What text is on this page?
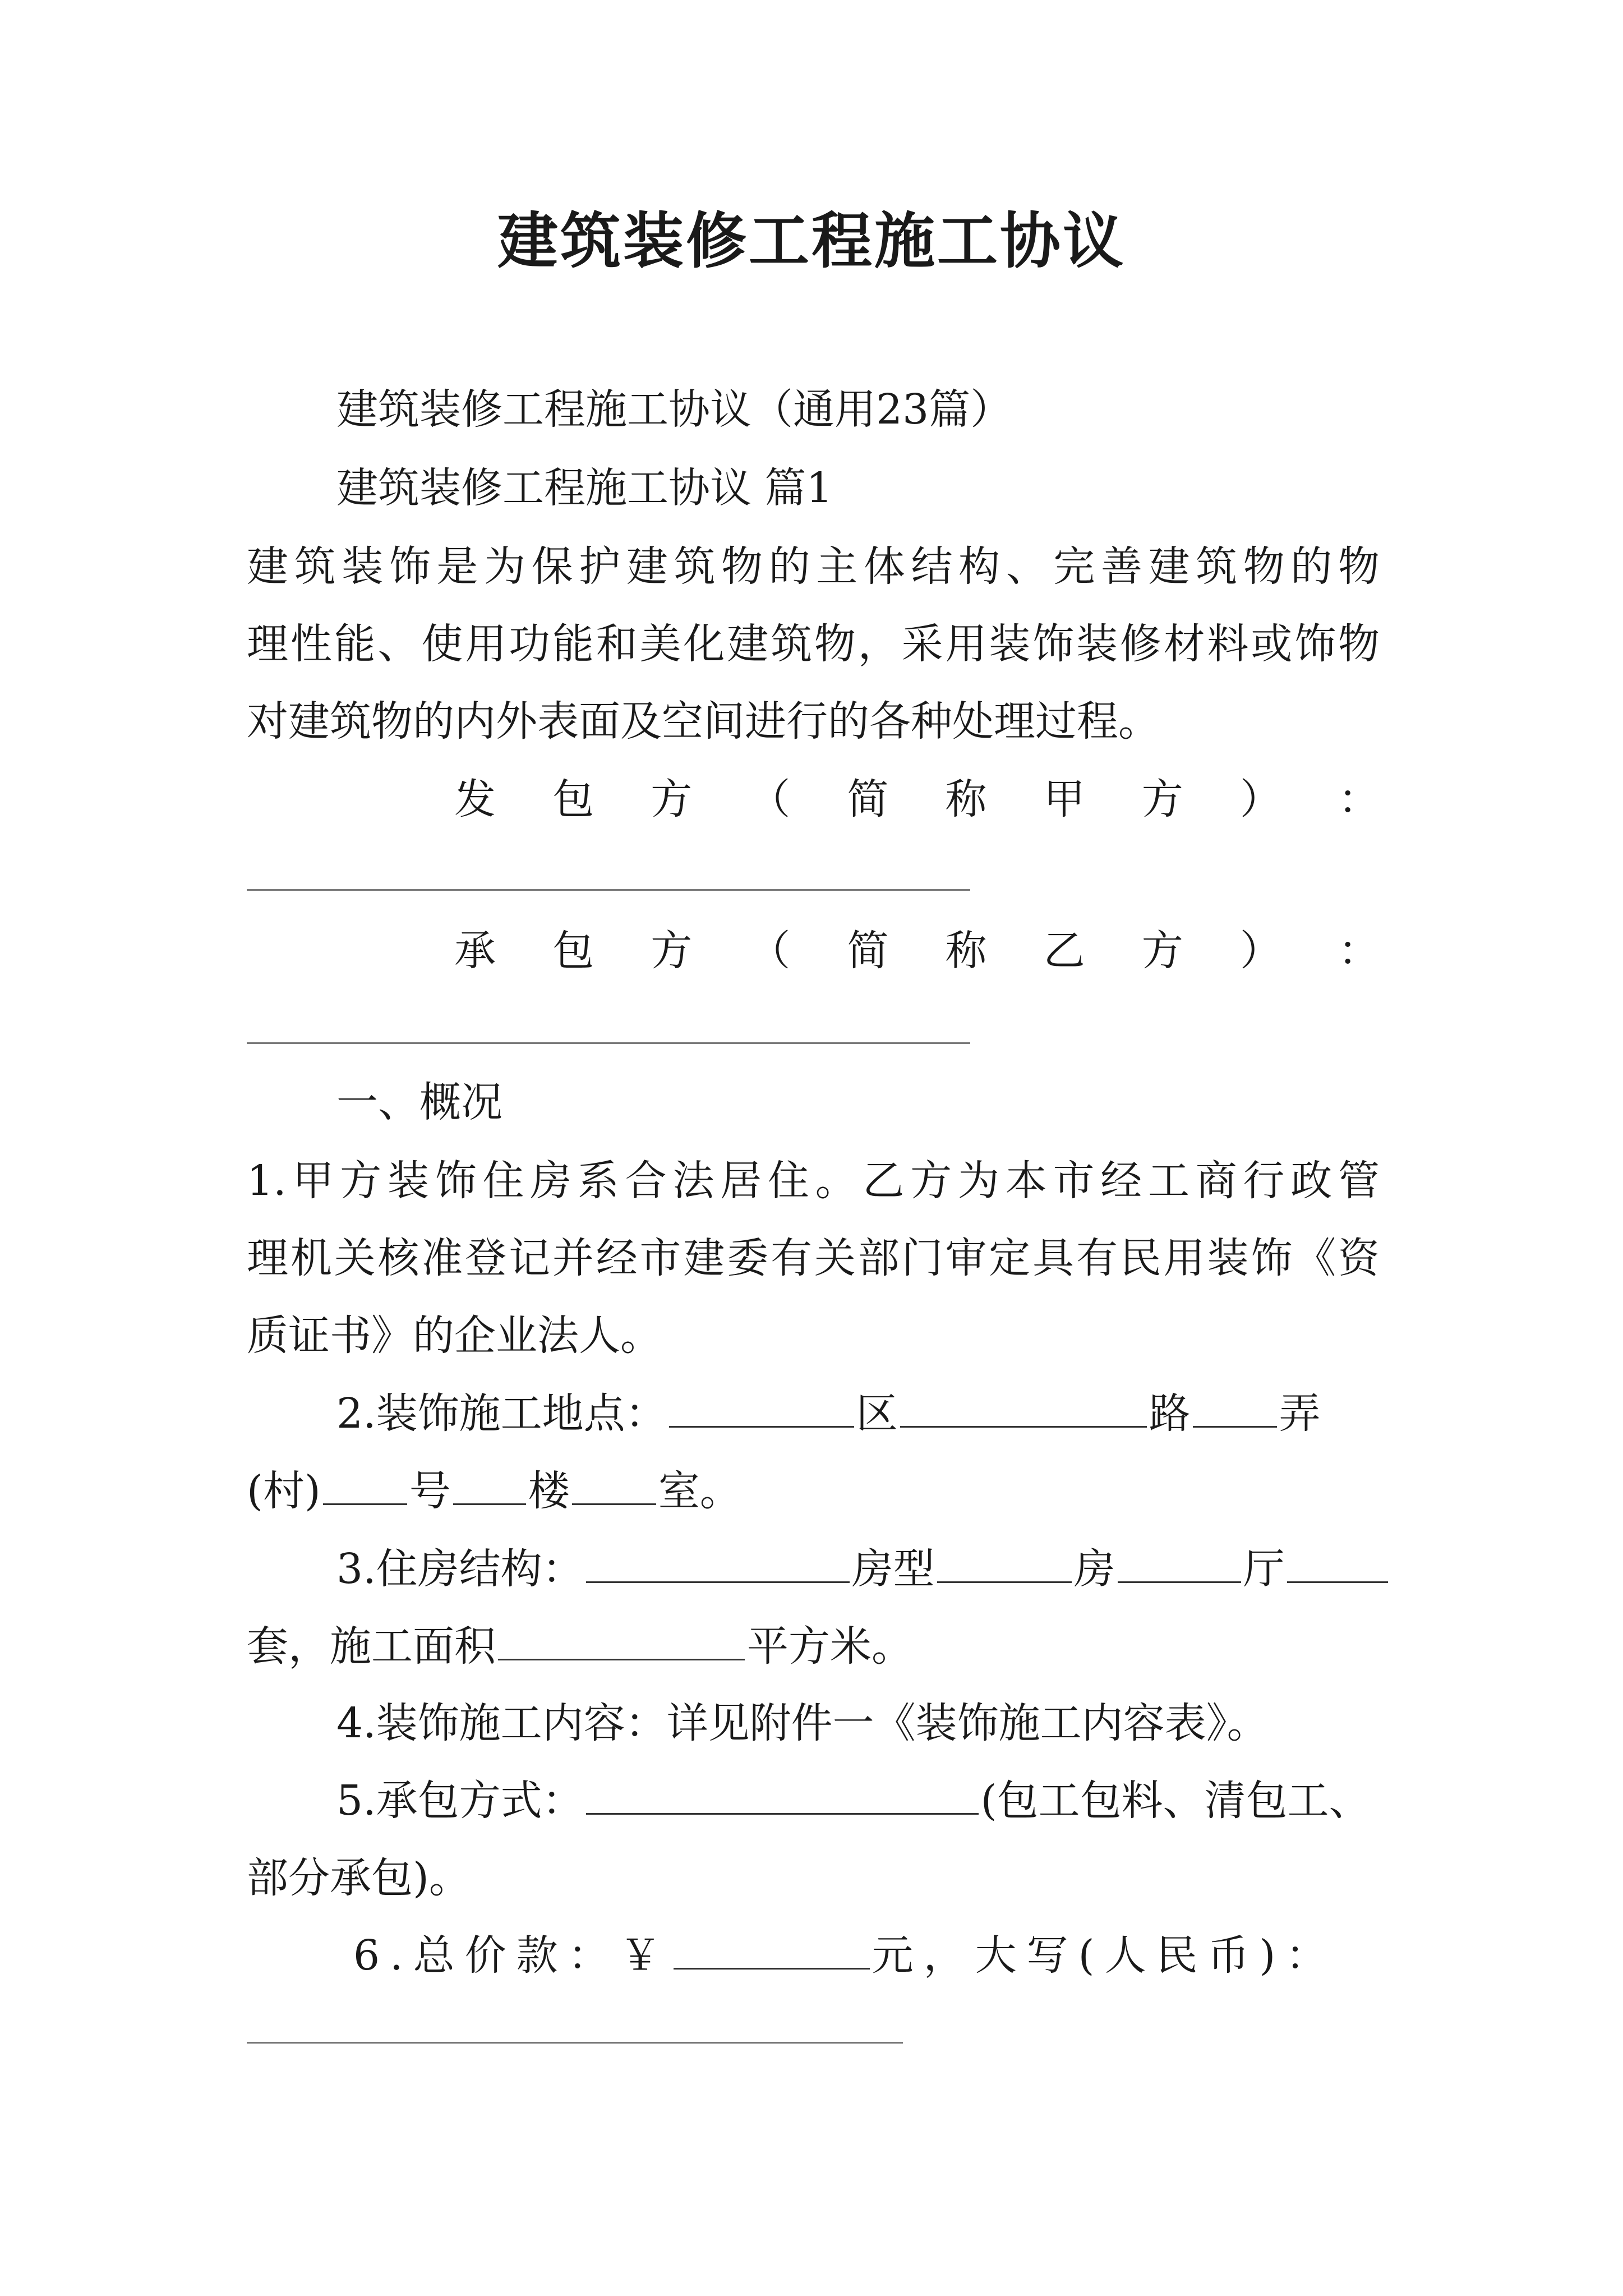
建筑装修工程施工协议
建筑装修工程施工协议（通用23篇）
建筑装修工程施工协议 篇1
建筑装饰是为保护建筑物的主体结构、完善建筑物的物
理性能、使用功能和美化建筑物，采用装饰装修材料或饰物
对建筑物的内外表面及空间进行的各种处理过程。
发 包 方 （ 简 称 甲 方 ） ：
承 包 方 （ 简 称 乙 方 ） ：
一、概况
1.甲方装饰住房系合法居住。乙方为本市经工商行政管
理机关核准登记并经市建委有关部门审定具有民用装饰《资
质证书》的企业法人。
2.装饰施工地点：	区	路 弄
(村) 号 楼 室。
3.住房结构：	房型	房	厅
套，施工面积	平方米。
4.装饰施工内容：详见附件一《装饰施工内容表》。
5.承包方式：	(包工包料、清包工、
部分承包)。
6.总价款：￥	元，大写(人民币)：
